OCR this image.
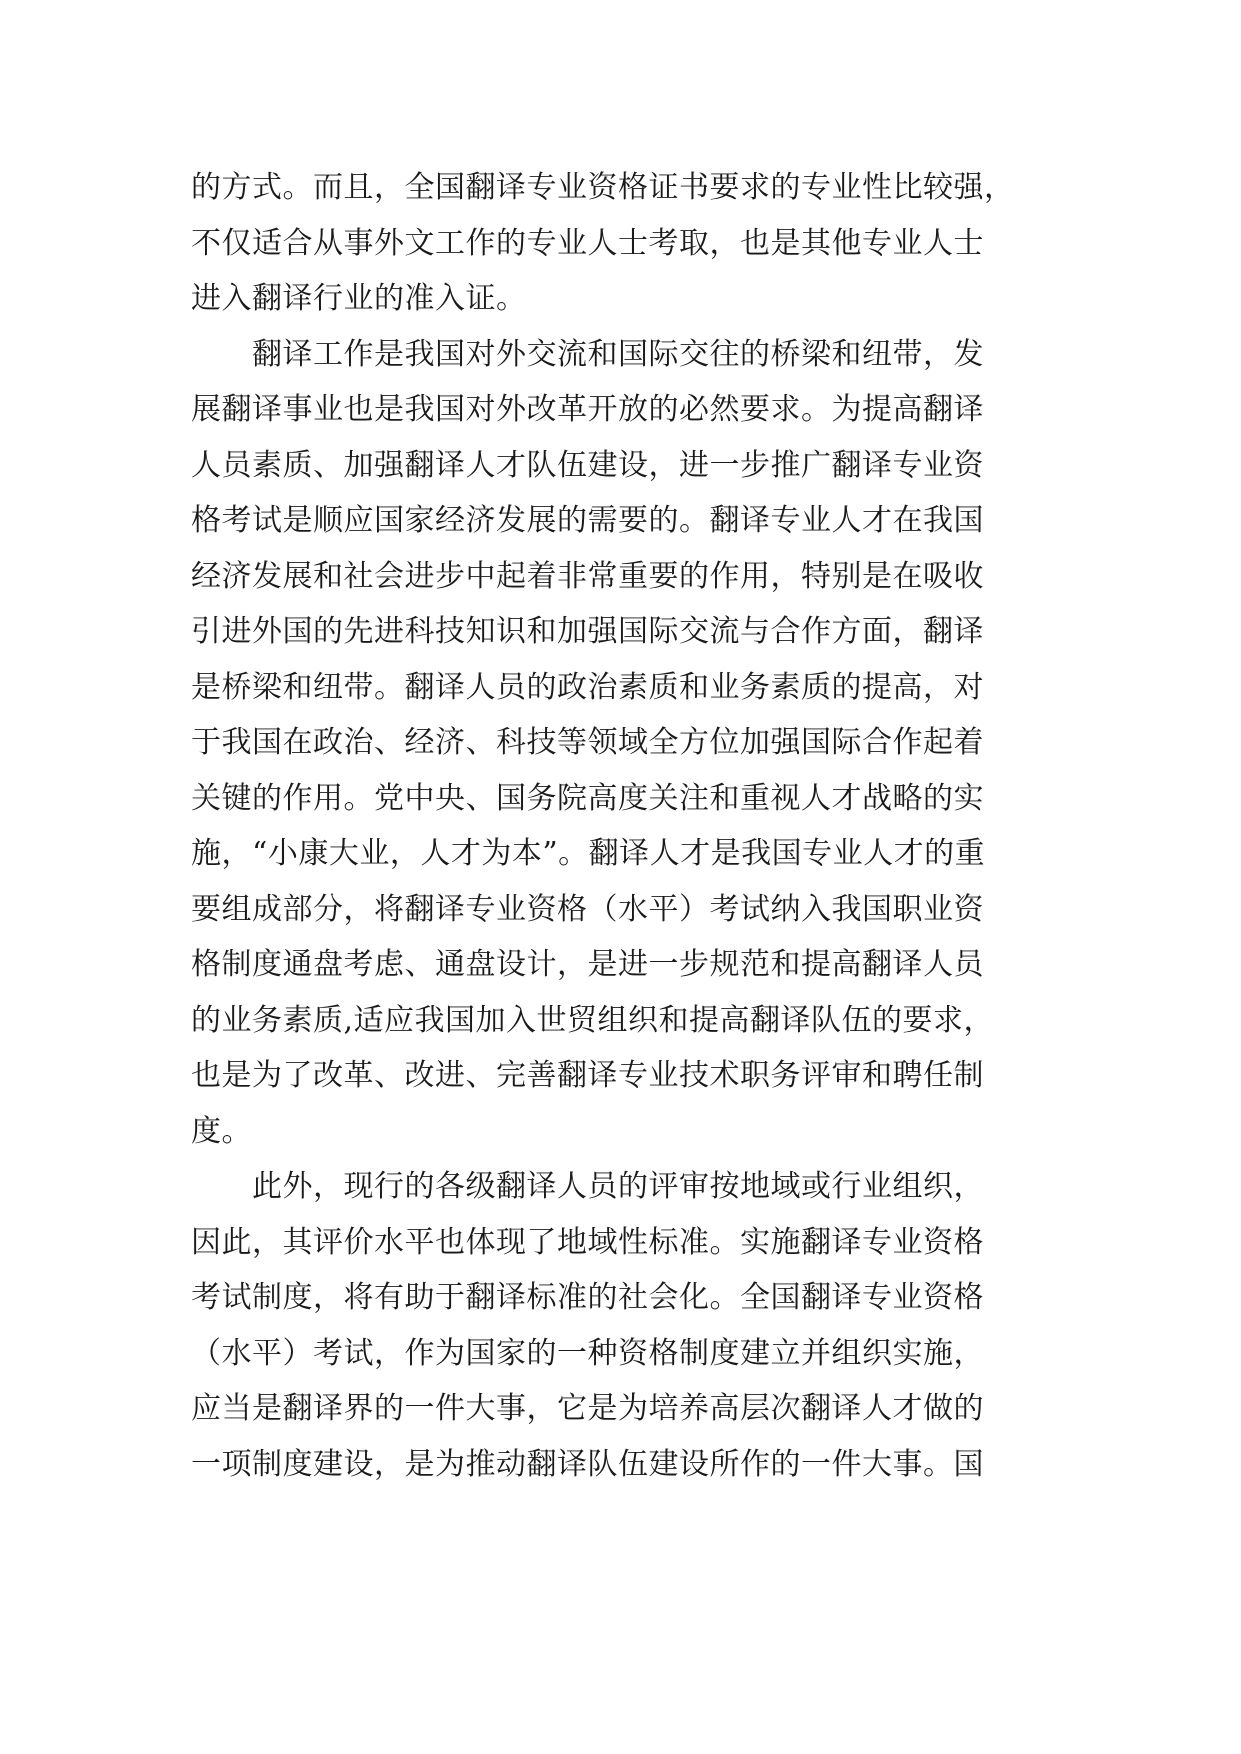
的方式。而且，全国翻译专业资格证书要求的专业性比较强，
不仅适合从事外文工作的专业人士考取，也是其他专业人士
进入翻译行业的准入证。
　　翻译工作是我国对外交流和国际交往的桥梁和纽带，发
展翻译事业也是我国对外改革开放的必然要求。为提高翻译
人员素质、加强翻译人才队伍建设，进一步推广翻译专业资
格考试是顺应国家经济发展的需要的。翻译专业人才在我国
经济发展和社会进步中起着非常重要的作用，特别是在吸收
引进外国的先进科技知识和加强国际交流与合作方面，翻译
是桥梁和纽带。翻译人员的政治素质和业务素质的提高，对
于我国在政治、经济、科技等领域全方位加强国际合作起着
关键的作用。党中央、国务院高度关注和重视人才战略的实
施，“小康大业，人才为本”。翻译人才是我国专业人才的重
要组成部分，将翻译专业资格（水平）考试纳入我国职业资
格制度通盘考虑、通盘设计，是进一步规范和提高翻译人员
的业务素质,适应我国加入世贸组织和提高翻译队伍的要求，
也是为了改革、改进、完善翻译专业技术职务评审和聘任制
度。
　　此外，现行的各级翻译人员的评审按地域或行业组织，
因此，其评价水平也体现了地域性标准。实施翻译专业资格
考试制度，将有助于翻译标准的社会化。全国翻译专业资格
（水平）考试，作为国家的一种资格制度建立并组织实施，
应当是翻译界的一件大事，它是为培养高层次翻译人才做的
一项制度建设，是为推动翻译队伍建设所作的一件大事。国
